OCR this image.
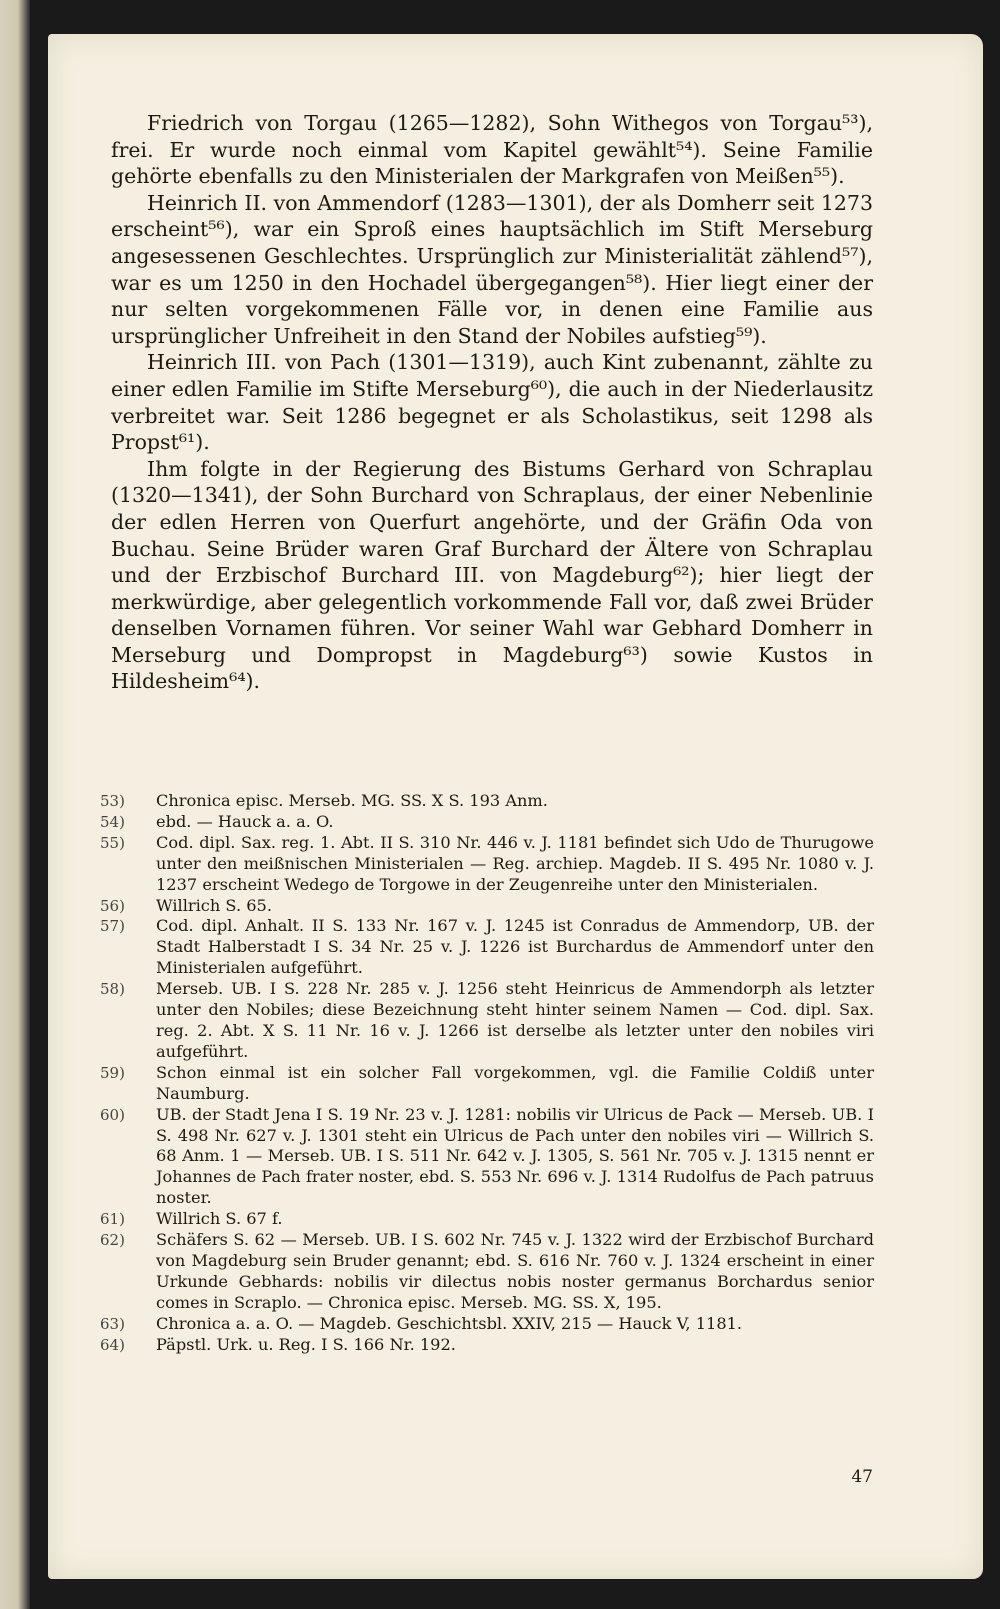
Friedrich von Torgau (1265—1282), Sohn Withegos von Torgau⁵³), frei. Er wurde noch einmal vom Kapitel gewählt⁵⁴). Seine Familie gehörte ebenfalls zu den Ministerialen der Markgrafen von Meißen⁵⁵).

Heinrich II. von Ammendorf (1283—1301), der als Domherr seit 1273 erscheint⁵⁶), war ein Sproß eines hauptsächlich im Stift Merseburg angesessenen Geschlechtes. Ursprünglich zur Ministerialität zählend⁵⁷), war es um 1250 in den Hochadel übergegangen⁵⁸). Hier liegt einer der nur selten vorgekommenen Fälle vor, in denen eine Familie aus ursprünglicher Unfreiheit in den Stand der Nobiles aufstieg⁵⁹).

Heinrich III. von Pach (1301—1319), auch Kint zubenannt, zählte zu einer edlen Familie im Stifte Merseburg⁶⁰), die auch in der Niederlausitz verbreitet war. Seit 1286 begegnet er als Scholastikus, seit 1298 als Propst⁶¹).

Ihm folgte in der Regierung des Bistums Gerhard von Schraplau (1320—1341), der Sohn Burchard von Schraplaus, der einer Nebenlinie der edlen Herren von Querfurt angehörte, und der Gräfin Oda von Buchau. Seine Brüder waren Graf Burchard der Ältere von Schraplau und der Erzbischof Burchard III. von Magdeburg⁶²); hier liegt der merkwürdige, aber gelegentlich vorkommende Fall vor, daß zwei Brüder denselben Vornamen führen. Vor seiner Wahl war Gebhard Domherr in Merseburg und Dompropst in Magdeburg⁶³) sowie Kustos in Hildesheim⁶⁴).

53)	Chronica episc. Merseb. MG. SS. X S. 193 Anm.
54)	ebd. — Hauck a. a. O.
55)	Cod. dipl. Sax. reg. 1. Abt. II S. 310 Nr. 446 v. J. 1181 befindet sich Udo de Thurugowe unter den meißnischen Ministerialen — Reg. archiep. Magdeb. II S. 495 Nr. 1080 v. J. 1237 erscheint Wedego de Torgowe in der Zeugenreihe unter den Ministerialen.
56)	Willrich S. 65.
57)	Cod. dipl. Anhalt. II S. 133 Nr. 167 v. J. 1245 ist Conradus de Ammendorp, UB. der Stadt Halberstadt I S. 34 Nr. 25 v. J. 1226 ist Burchardus de Ammendorf unter den Ministerialen aufgeführt.
58)	Merseb. UB. I S. 228 Nr. 285 v. J. 1256 steht Heinricus de Ammendorph als letzter unter den Nobiles; diese Bezeichnung steht hinter seinem Namen — Cod. dipl. Sax. reg. 2. Abt. X S. 11 Nr. 16 v. J. 1266 ist derselbe als letzter unter den nobiles viri aufgeführt.
59)	Schon einmal ist ein solcher Fall vorgekommen, vgl. die Familie Coldiß unter Naumburg.
60)	UB. der Stadt Jena I S. 19 Nr. 23 v. J. 1281: nobilis vir Ulricus de Pack — Merseb. UB. I S. 498 Nr. 627 v. J. 1301 steht ein Ulricus de Pach unter den nobiles viri — Willrich S. 68 Anm. 1 — Merseb. UB. I S. 511 Nr. 642 v. J. 1305, S. 561 Nr. 705 v. J. 1315 nennt er Johannes de Pach frater noster, ebd. S. 553 Nr. 696 v. J. 1314 Rudolfus de Pach patruus noster.
61)	Willrich S. 67 f.
62)	Schäfers S. 62 — Merseb. UB. I S. 602 Nr. 745 v. J. 1322 wird der Erzbischof Burchard von Magdeburg sein Bruder genannt; ebd. S. 616 Nr. 760 v. J. 1324 erscheint in einer Urkunde Gebhards: nobilis vir dilectus nobis noster germanus Borchardus senior comes in Scraplo. — Chronica episc. Merseb. MG. SS. X, 195.
63)	Chronica a. a. O. — Magdeb. Geschichtsbl. XXIV, 215 — Hauck V, 1181.
64)	Päpstl. Urk. u. Reg. I S. 166 Nr. 192.
47
